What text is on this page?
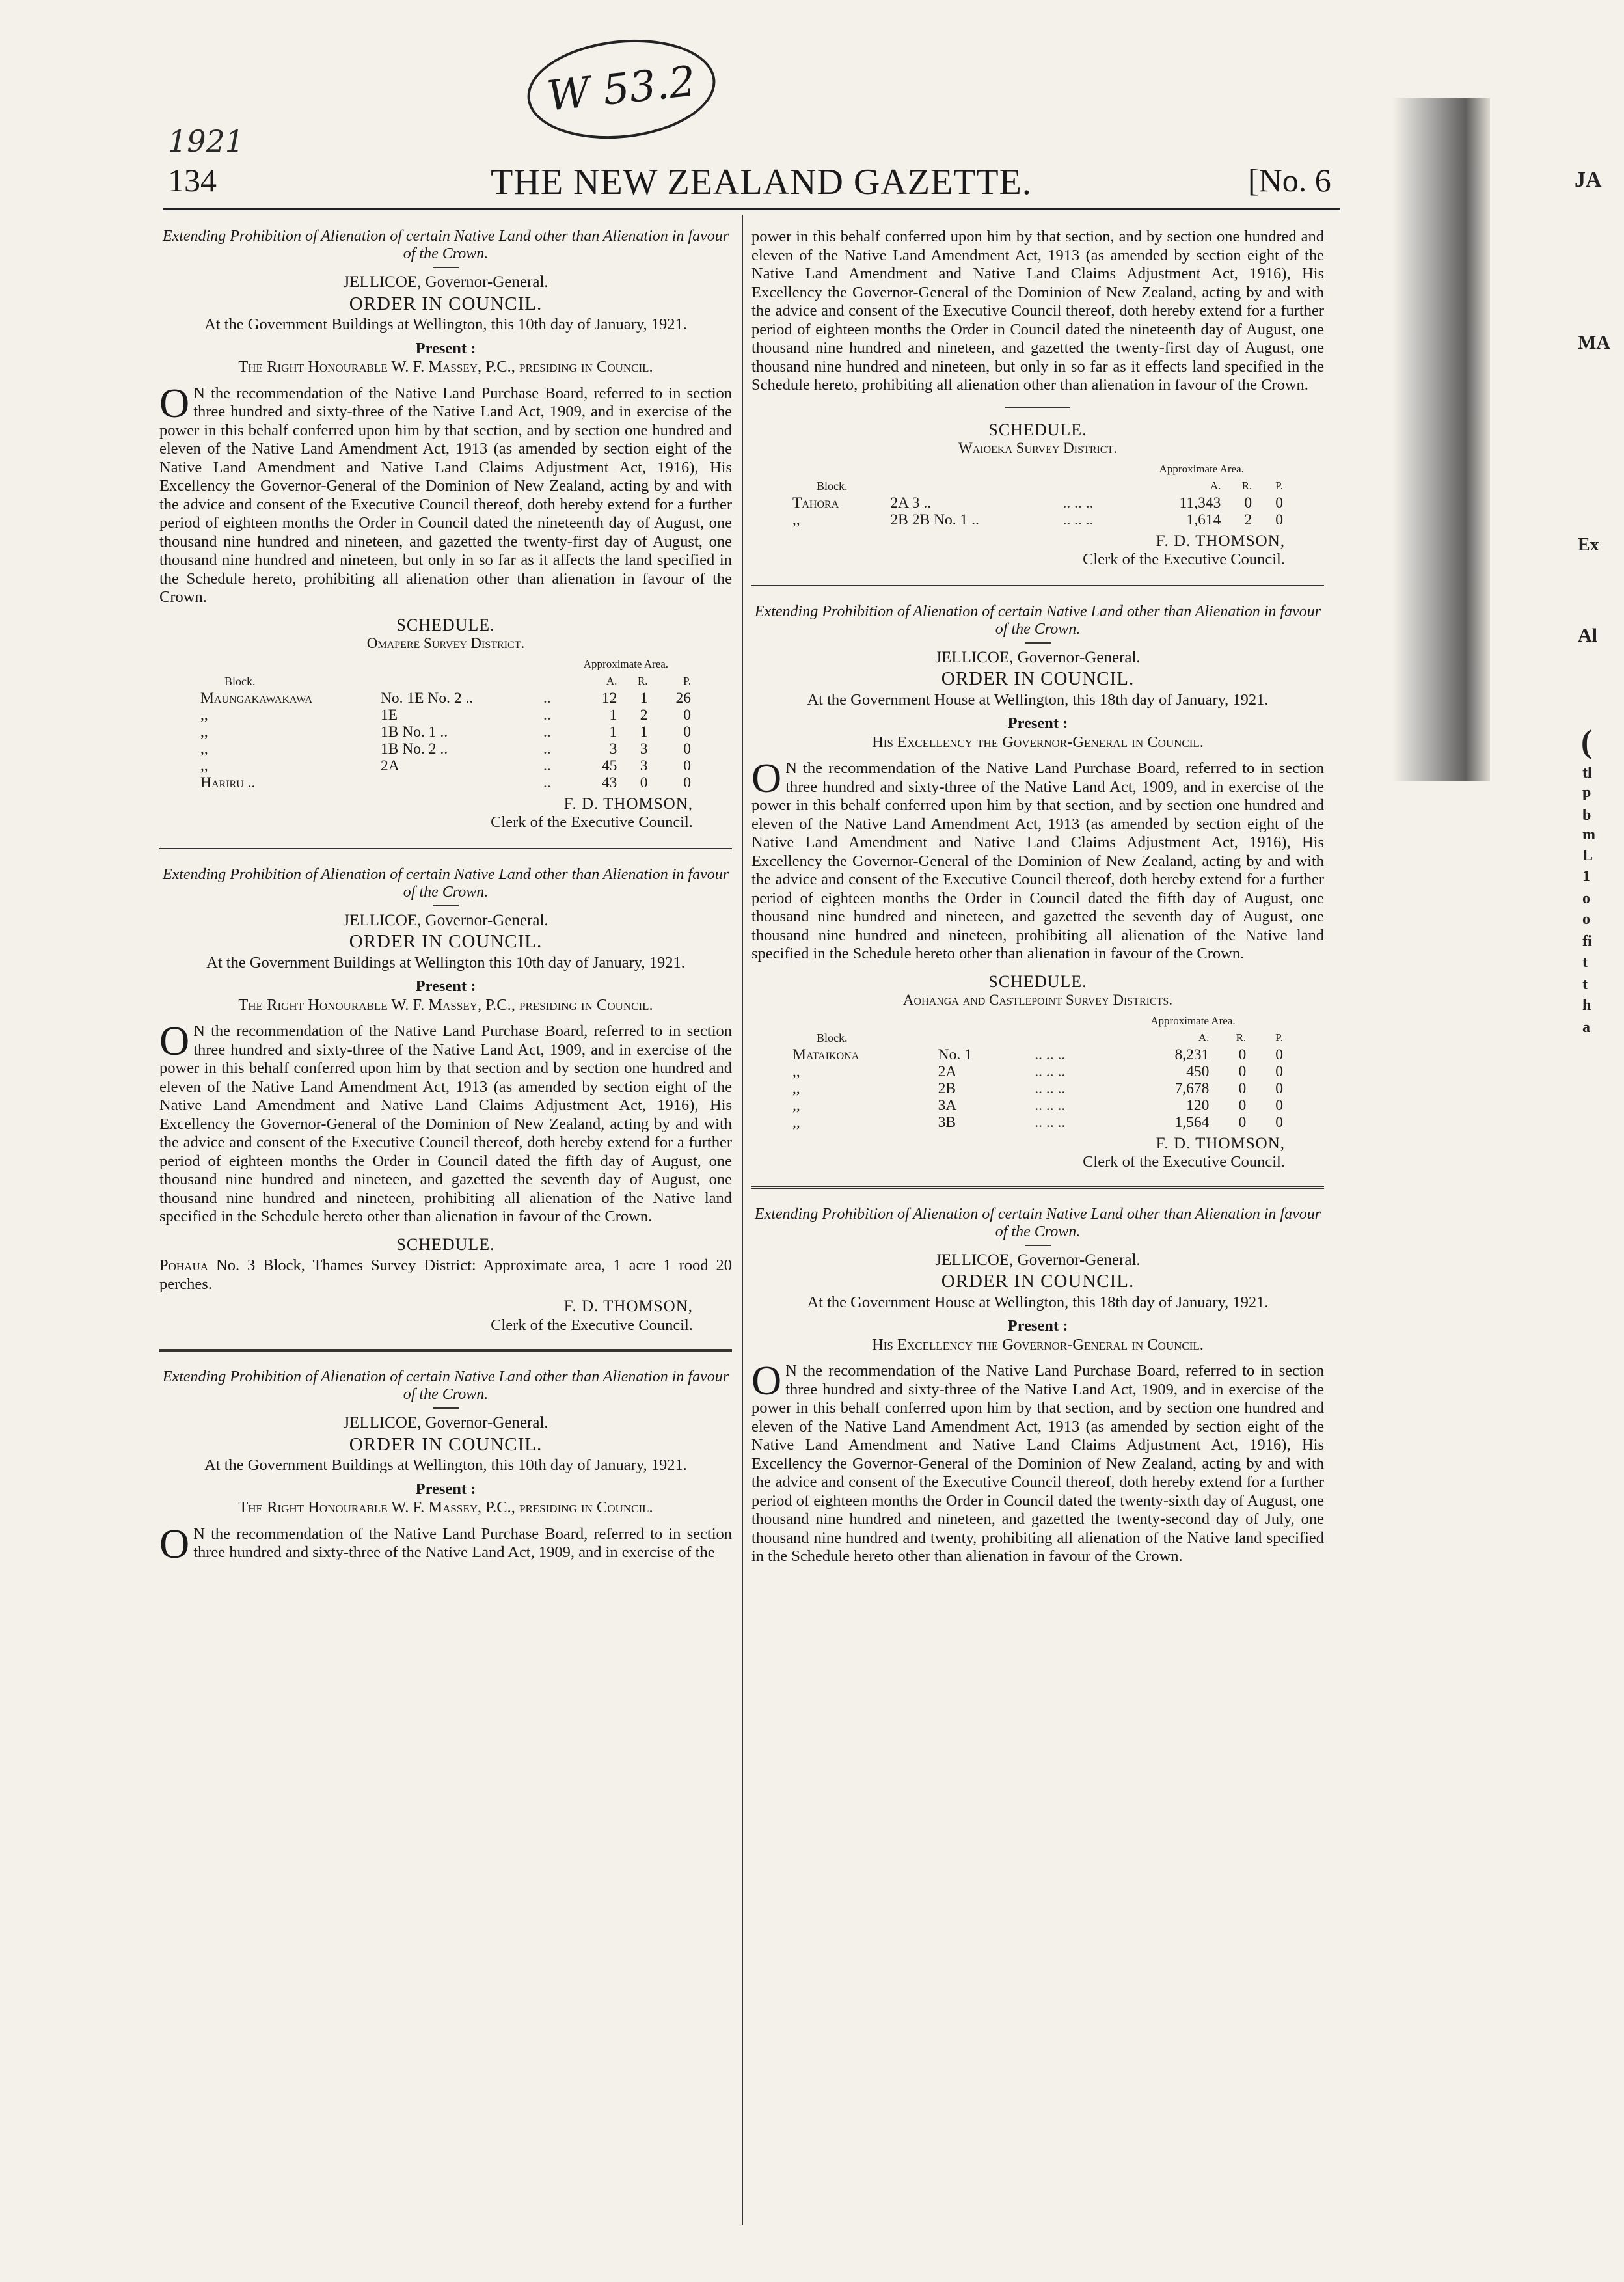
1921
W 53.2
134	THE NEW ZEALAND GAZETTE.	[No. 6
Extending Prohibition of Alienation of certain Native Land other than Alienation in favour of the Crown.
JELLICOE, Governor-General.
ORDER IN COUNCIL.
At the Government Buildings at Wellington, this 10th day of January, 1921.
Present :
The Right Honourable W. F. Massey, P.C., presiding in Council.

O N the recommendation of the Native Land Purchase Board, referred to in section three hundred and sixty-three of the Native Land Act, 1909, and in exercise of the power in this behalf conferred upon him by that section, and by section one hundred and eleven of the Native Land Amendment Act, 1913 (as amended by section eight of the Native Land Amendment and Native Land Claims Adjustment Act, 1916), His Excellency the Governor-General of the Dominion of New Zealand, acting by and with the advice and consent of the Executive Council thereof, doth hereby extend for a further period of eighteen months the Order in Council dated the nineteenth day of August, one thousand nine hundred and nineteen, and gazetted the twenty-first day of August, one thousand nine hundred and nineteen, but only in so far as it affects the land specified in the Schedule hereto, prohibiting all alienation other than alienation in favour of the Crown.

SCHEDULE.
Omapere Survey District.
			Approximate Area.		
Block.			A.	R.	P.
Maungakawakawa	No. 1E No. 2 ..	..	12	1	26
,,	1E	..	1	2	0
,,	1B No. 1 ..	..	1	1	0
,,	1B No. 2 ..	..	3	3	0
,,	2A	..	45	3	0
Hariru ..		..	43	0	0
F. D. THOMSON,
Clerk of the Executive Council.
Extending Prohibition of Alienation of certain Native Land other than Alienation in favour of the Crown.
JELLICOE, Governor-General.
ORDER IN COUNCIL.
At the Government Buildings at Wellington this 10th day of January, 1921.
Present :
The Right Honourable W. F. Massey, P.C., presiding in Council.

O N the recommendation of the Native Land Purchase Board, referred to in section three hundred and sixty-three of the Native Land Act, 1909, and in exercise of the power in this behalf conferred upon him by that section and by section one hundred and eleven of the Native Land Amendment Act, 1913 (as amended by section eight of the Native Land Amendment and Native Land Claims Adjustment Act, 1916), His Excellency the Governor-General of the Dominion of New Zealand, acting by and with the advice and consent of the Executive Council thereof, doth hereby extend for a further period of eighteen months the Order in Council dated the fifth day of August, one thousand nine hundred and nineteen, and gazetted the seventh day of August, one thousand nine hundred and nineteen, prohibiting all alienation of the Native land specified in the Schedule hereto other than alienation in favour of the Crown.

SCHEDULE.

Pohaua No. 3 Block, Thames Survey District: Approximate area, 1 acre 1 rood 20 perches.

F. D. THOMSON,
Clerk of the Executive Council.
Extending Prohibition of Alienation of certain Native Land other than Alienation in favour of the Crown.
JELLICOE, Governor-General.
ORDER IN COUNCIL.
At the Government Buildings at Wellington, this 10th day of January, 1921.
Present :
The Right Honourable W. F. Massey, P.C., presiding in Council.

O N the recommendation of the Native Land Purchase Board, referred to in section three hundred and sixty-three of the Native Land Act, 1909, and in exercise of the

power in this behalf conferred upon him by that section, and by section one hundred and eleven of the Native Land Amendment Act, 1913 (as amended by section eight of the Native Land Amendment and Native Land Claims Adjustment Act, 1916), His Excellency the Governor-General of the Dominion of New Zealand, acting by and with the advice and consent of the Executive Council thereof, doth hereby extend for a further period of eighteen months the Order in Council dated the nineteenth day of August, one thousand nine hundred and nineteen, and gazetted the twenty-first day of August, one thousand nine hundred and nineteen, but only in so far as it effects land specified in the Schedule hereto, prohibiting all alienation other than alienation in favour of the Crown.

SCHEDULE.
Waioeka Survey District.
			Approximate Area.		
Block.			A.	R.	P.
Tahora	2A 3 ..	.. .. ..	11,343	0	0
,,	2B 2B No. 1 ..	.. .. ..	1,614	2	0
F. D. THOMSON,
Clerk of the Executive Council.
Extending Prohibition of Alienation of certain Native Land other than Alienation in favour of the Crown.
JELLICOE, Governor-General.
ORDER IN COUNCIL.
At the Government House at Wellington, this 18th day of January, 1921.
Present :
His Excellency the Governor-General in Council.

O N the recommendation of the Native Land Purchase Board, referred to in section three hundred and sixty-three of the Native Land Act, 1909, and in exercise of the power in this behalf conferred upon him by that section, and by section one hundred and eleven of the Native Land Amendment Act, 1913 (as amended by section eight of the Native Land Amendment and Native Land Claims Adjustment Act, 1916), His Excellency the Governor-General of the Dominion of New Zealand, acting by and with the advice and consent of the Executive Council thereof, doth hereby extend for a further period of eighteen months the Order in Council dated the fifth day of August, one thousand nine hundred and nineteen, and gazetted the seventh day of August, one thousand nine hundred and nineteen, prohibiting all alienation of the Native land specified in the Schedule hereto other than alienation in favour of the Crown.

SCHEDULE.
Aohanga and Castlepoint Survey Districts.
			Approximate Area.		
Block.			A.	R.	P.
Mataikona	No. 1	.. .. ..	8,231	0	0
,,	2A	.. .. ..	450	0	0
,,	2B	.. .. ..	7,678	0	0
,,	3A	.. .. ..	120	0	0
,,	3B	.. .. ..	1,564	0	0
F. D. THOMSON,
Clerk of the Executive Council.
Extending Prohibition of Alienation of certain Native Land other than Alienation in favour of the Crown.
JELLICOE, Governor-General.
ORDER IN COUNCIL.
At the Government House at Wellington, this 18th day of January, 1921.
Present :
His Excellency the Governor-General in Council.

O N the recommendation of the Native Land Purchase Board, referred to in section three hundred and sixty-three of the Native Land Act, 1909, and in exercise of the power in this behalf conferred upon him by that section, and by section one hundred and eleven of the Native Land Amendment Act, 1913 (as amended by section eight of the Native Land Amendment and Native Land Claims Adjustment Act, 1916), His Excellency the Governor-General of the Dominion of New Zealand, acting by and with the advice and consent of the Executive Council thereof, doth hereby extend for a further period of eighteen months the Order in Council dated the twenty-sixth day of August, one thousand nine hundred and nineteen, and gazetted the twenty-second day of July, one thousand nine hundred and twenty, prohibiting all alienation of the Native land specified in the Schedule hereto other than alienation in favour of the Crown.

JA
MA
Ex
Al
(
tl
p
b
m
L
1
o
o
fi
t
t
h
a
